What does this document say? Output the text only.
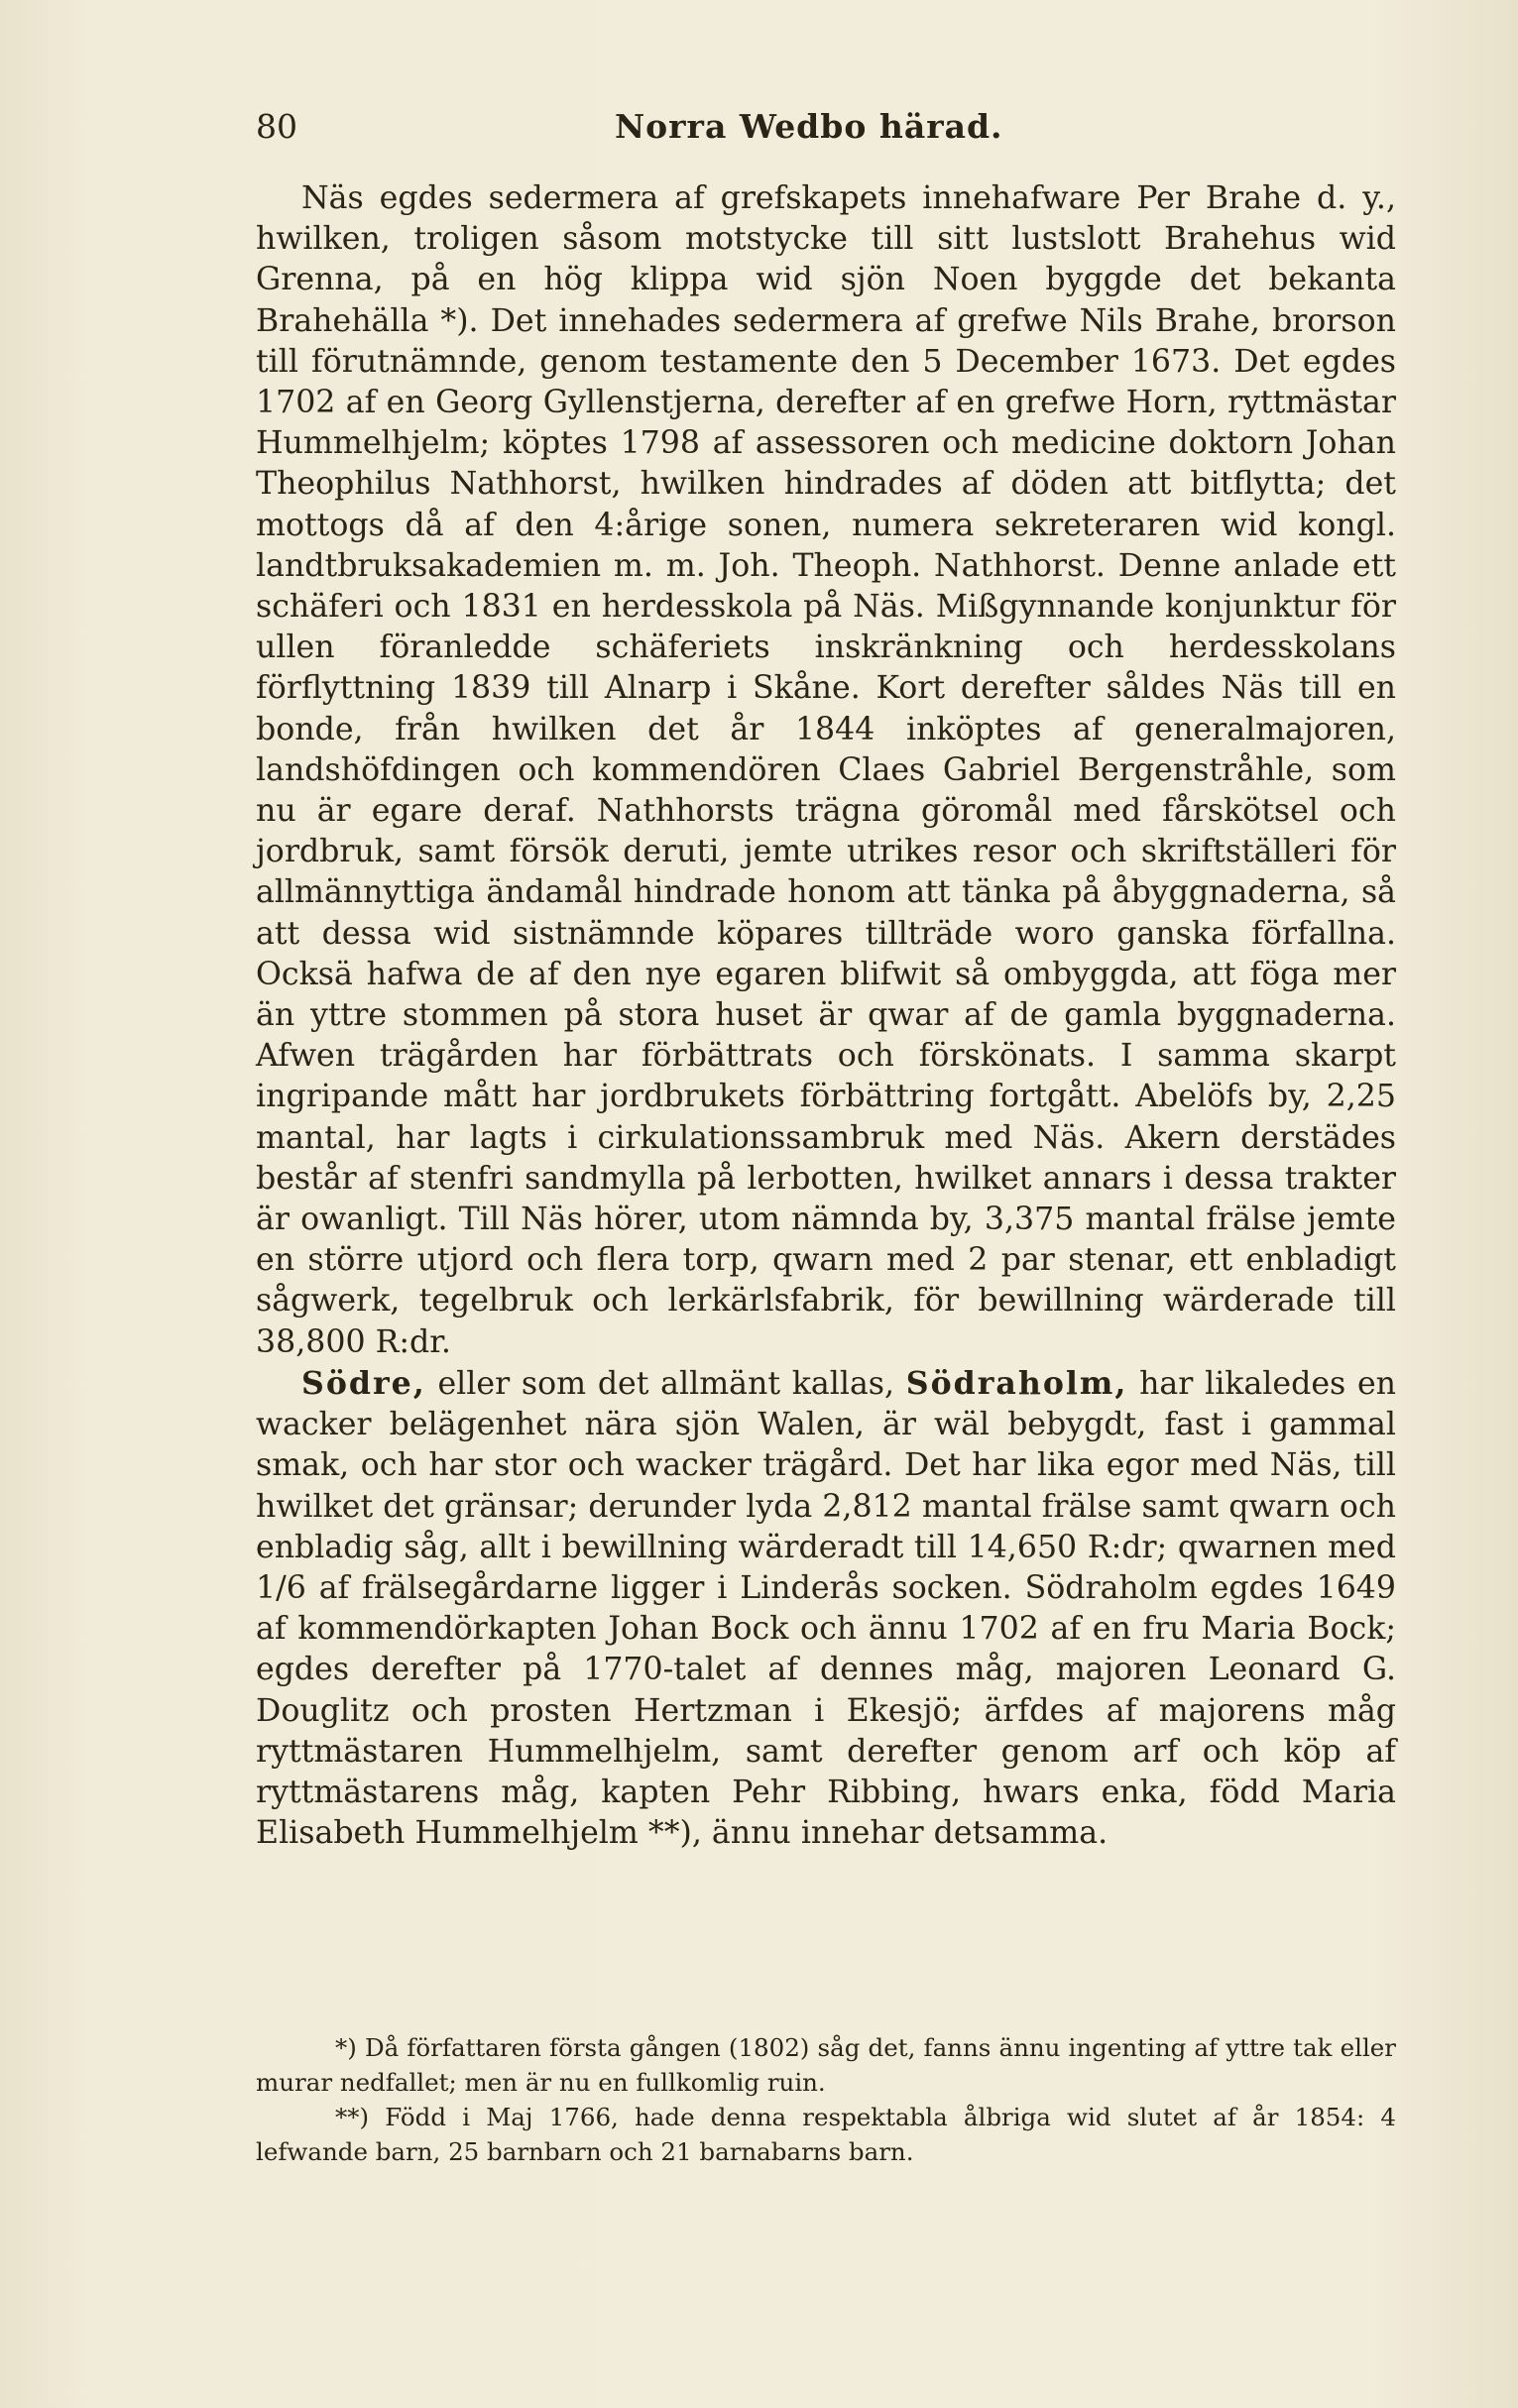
80	Norra Wedbo härad.

Näs egdes sedermera af grefskapets innehafware Per Brahe d. y., hwilken, troligen såsom motstycke till sitt lustslott Brahehus wid Grenna, på en hög klippa wid sjön Noen byggde det bekanta Brahehälla *). Det innehades sedermera af grefwe Nils Brahe, brorson till förutnämnde, genom testamente den 5 December 1673. Det egdes 1702 af en Georg Gyllenstjerna, derefter af en grefwe Horn, ryttmästar Hummelhjelm; köptes 1798 af assessoren och medicine doktorn Johan Theophilus Nathhorst, hwilken hindrades af döden att bitflytta; det mottogs då af den 4:årige sonen, numera sekreteraren wid kongl. landtbruksakademien m. m. Joh. Theoph. Nathhorst. Denne anlade ett schäferi och 1831 en herdesskola på Näs. Mißgynnande konjunktur för ullen föranledde schäferiets inskränkning och herdesskolans förflyttning 1839 till Alnarp i Skåne. Kort derefter såldes Näs till en bonde, från hwilken det år 1844 inköptes af generalmajoren, landshöfdingen och kommendören Claes Gabriel Bergenstråhle, som nu är egare deraf. Nathhorsts trägna göromål med fårskötsel och jordbruk, samt försök deruti, jemte utrikes resor och skriftställeri för allmännyttiga ändamål hindrade honom att tänka på åbyggnaderna, så att dessa wid sistnämnde köpares tillträde woro ganska förfallna. Ocksä hafwa de af den nye egaren blifwit så ombyggda, att föga mer än yttre stommen på stora huset är qwar af de gamla byggnaderna. Afwen trägården har förbättrats och förskönats. I samma skarpt ingripande mått har jordbrukets förbättring fortgått. Abelöfs by, 2,25 mantal, har lagts i cirkulationssambruk med Näs. Akern derstädes består af stenfri sandmylla på lerbotten, hwilket annars i dessa trakter är owanligt. Till Näs hörer, utom nämnda by, 3,375 mantal frälse jemte en större utjord och flera torp, qwarn med 2 par stenar, ett enbladigt sågwerk, tegelbruk och lerkärlsfabrik, för bewillning wärderade till 38,800 R:dr.

Södre, eller som det allmänt kallas, Södraholm, har likaledes en wacker belägenhet nära sjön Walen, är wäl bebygdt, fast i gammal smak, och har stor och wacker trägård. Det har lika egor med Näs, till hwilket det gränsar; derunder lyda 2,812 mantal frälse samt qwarn och enbladig såg, allt i bewillning wärderadt till 14,650 R:dr; qwarnen med 1/6 af frälsegårdarne ligger i Linderås socken. Södraholm egdes 1649 af kommendörkapten Johan Bock och ännu 1702 af en fru Maria Bock; egdes derefter på 1770-talet af dennes måg, majoren Leonard G. Douglitz och prosten Hertzman i Ekesjö; ärfdes af majorens måg ryttmästaren Hummelhjelm, samt derefter genom arf och köp af ryttmästarens måg, kapten Pehr Ribbing, hwars enka, född Maria Elisabeth Hummelhjelm **), ännu innehar detsamma.

*) Då författaren första gången (1802) såg det, fanns ännu ingenting af yttre tak eller murar nedfallet; men är nu en fullkomlig ruin.

**) Född i Maj 1766, hade denna respektabla ålbriga wid slutet af år 1854: 4 lefwande barn, 25 barnbarn och 21 barnabarns barn.
